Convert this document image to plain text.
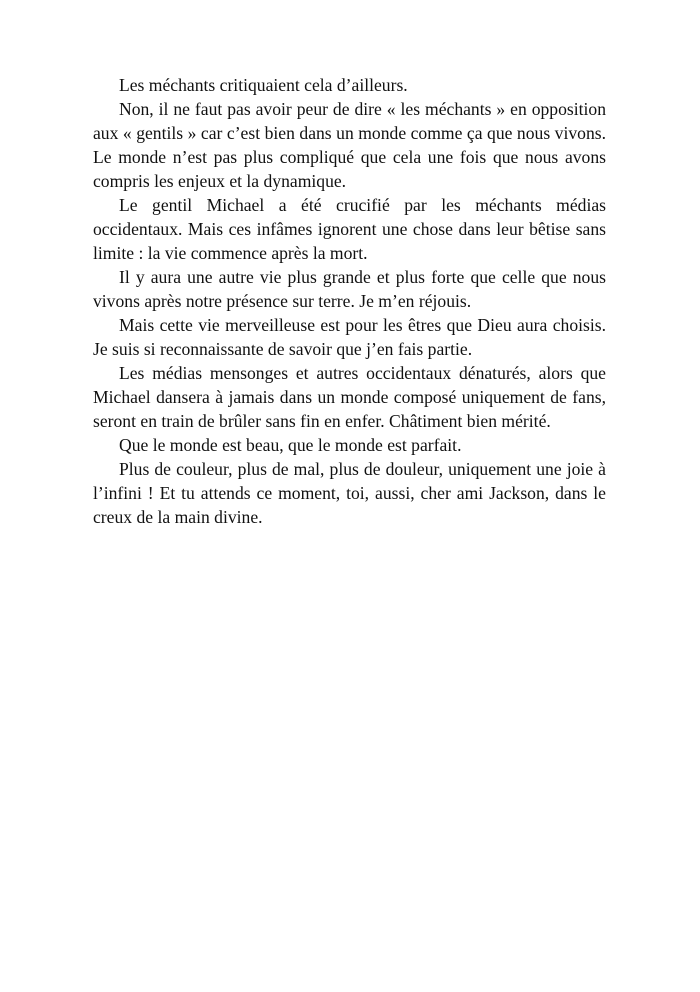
Les méchants critiquaient cela d’ailleurs.

Non, il ne faut pas avoir peur de dire « les méchants » en opposition aux « gentils » car c’est bien dans un monde comme ça que nous vivons. Le monde n’est pas plus compliqué que cela une fois que nous avons compris les enjeux et la dynamique.

Le gentil Michael a été crucifié par les méchants médias occidentaux. Mais ces infâmes ignorent une chose dans leur bêtise sans limite : la vie commence après la mort.

Il y aura une autre vie plus grande et plus forte que celle que nous vivons après notre présence sur terre. Je m’en réjouis.

Mais cette vie merveilleuse est pour les êtres que Dieu aura choisis. Je suis si reconnaissante de savoir que j’en fais partie.

Les médias mensonges et autres occidentaux dénaturés, alors que Michael dansera à jamais dans un monde composé uniquement de fans, seront en train de brûler sans fin en enfer. Châtiment bien mérité.

Que le monde est beau, que le monde est parfait.

Plus de couleur, plus de mal, plus de douleur, uniquement une joie à l’infini ! Et tu attends ce moment, toi, aussi, cher ami Jackson, dans le creux de la main divine.
